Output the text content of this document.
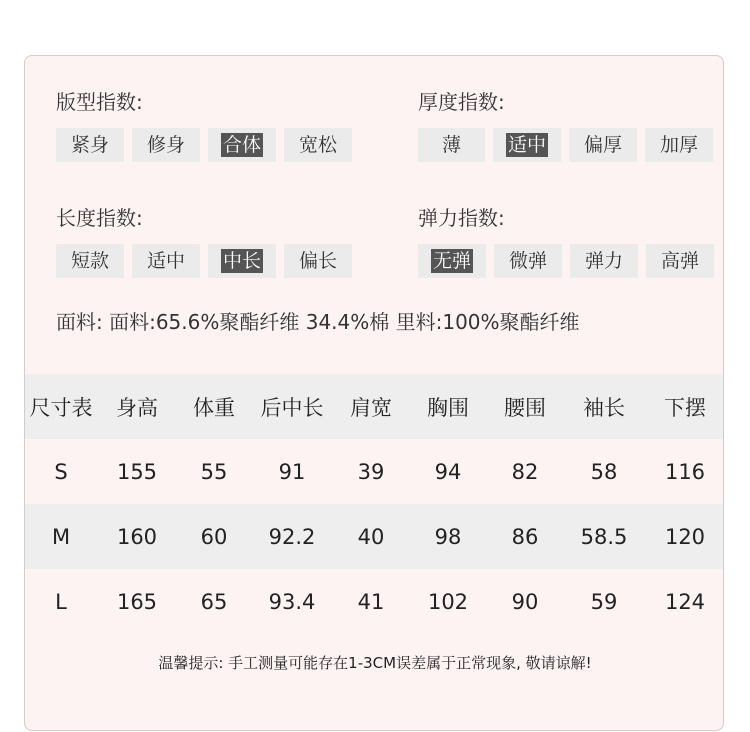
版型指数:
紧身	修身	合体	宽松
厚度指数:
薄	适中	偏厚	加厚
长度指数:
短款	适中	中长	偏长
弹力指数:
无弹	微弹	弹力	高弹
面料: 面料:65.6%聚酯纤维 34.4%棉 里料:100%聚酯纤维
尺寸表	身高	体重	后中长	肩宽	胸围	腰围	袖长	下摆
S	155	55	91	39	94	82	58	116
M	160	60	92.2	40	98	86	58.5	120
L	165	65	93.4	41	102	90	59	124
温馨提示: 手工测量可能存在1-3CM误差属于正常现象, 敬请谅解!
